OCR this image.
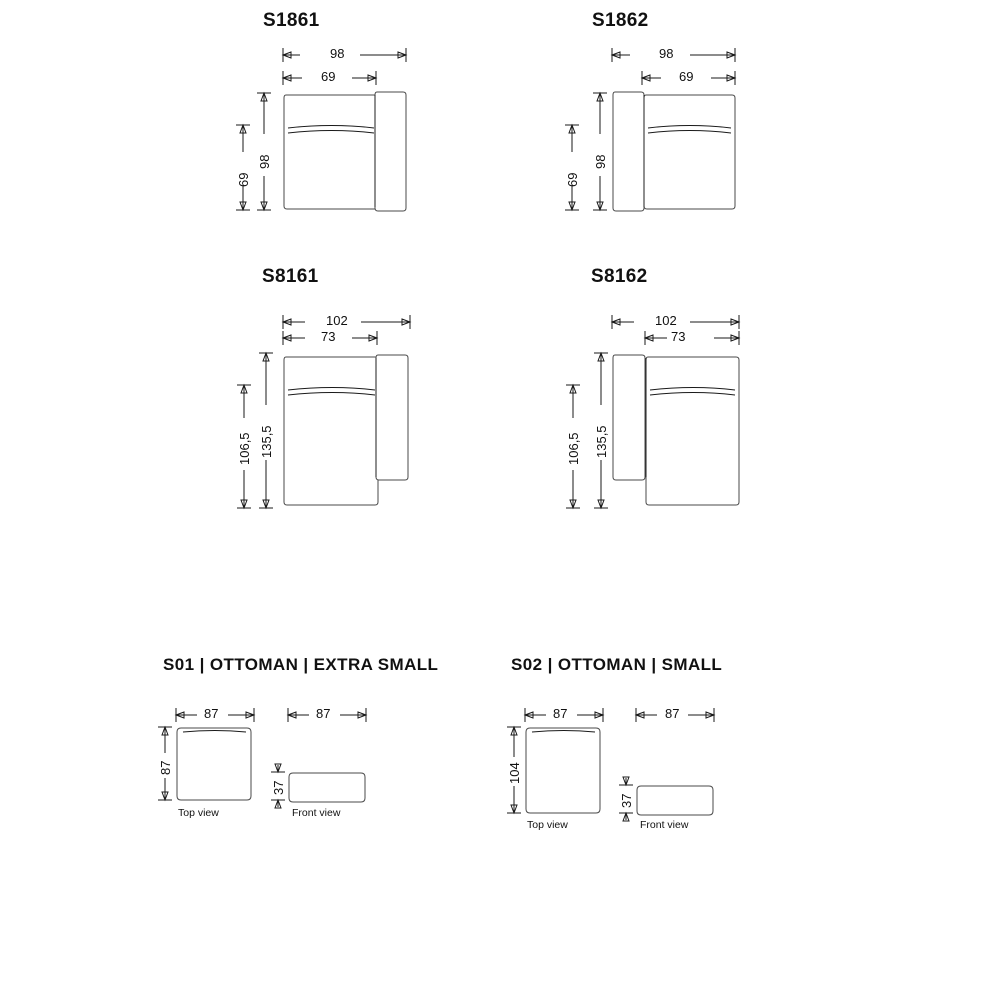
S1861	S1862
S8161	S8162
S01 | OTTOMAN | EXTRA SMALL	S02 | OTTOMAN | SMALL
Top view	Front view
Top view	Front view
98
69
98
69
98
69
98
69
102
73
135,5
106,5
102
73
135,5
106,5
87
87
87
37
87
104
87
37
